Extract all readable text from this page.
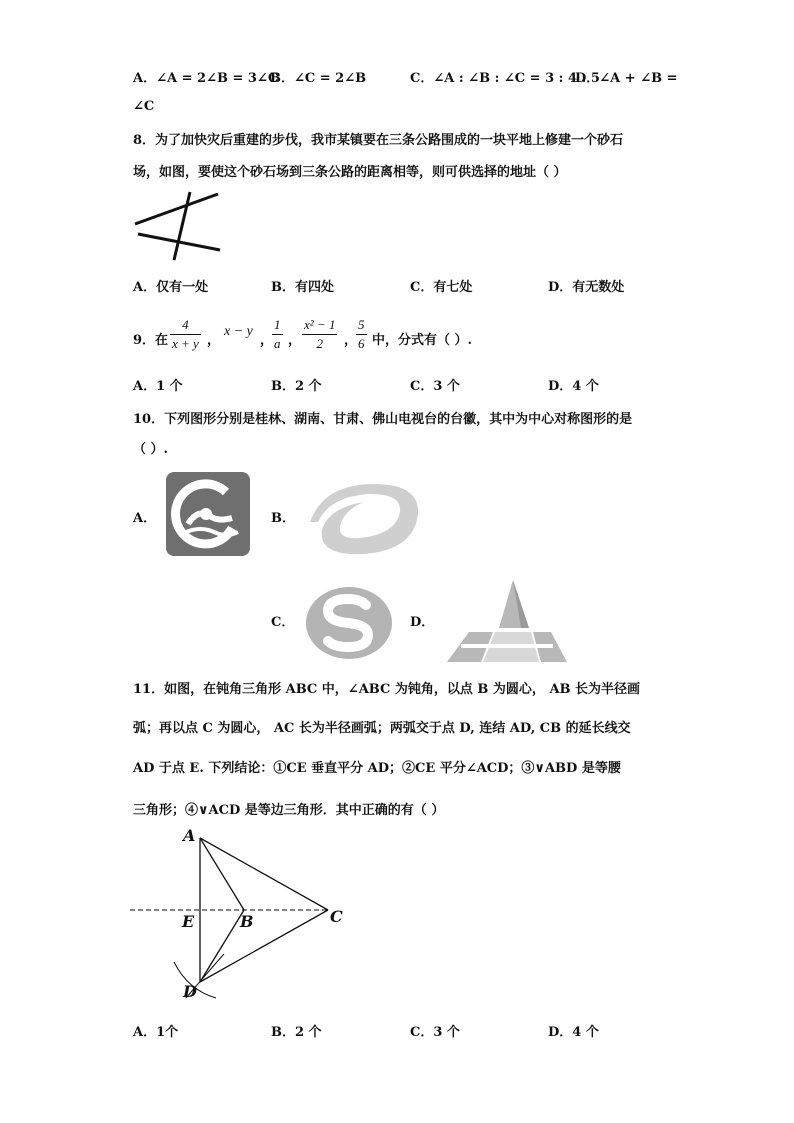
A．∠A = 2∠B = 3∠C
B．∠C = 2∠B	C．∠A : ∠B : ∠C = 3 : 4 : 5
D．∠A + ∠B =
∠C
8．为了加快灾后重建的步伐，我市某镇要在三条公路围成的一块平地上修建一个砂石
场，如图，要使这个砂石场到三条公路的距离相等，则可供选择的地址（ ）
A．仅有一处	B．有四处	C．有七处	D．有无数处
9．在
4
x + y ，
x − y
，
1
a ，
x² − 1
2	，
5
6 中，分式有（ ）.
A．1 个	B．2 个	C．3 个	D．4 个
10．下列图形分别是桂林、湖南、甘肃、佛山电视台的台徽，其中为中心对称图形的是
（ ）.
A．	B．
C．	D．
11．如图，在钝角三角形 ABC 中，∠ABC 为钝角，以点 B 为圆心， AB 长为半径画
弧；再以点 C 为圆心， AC 长为半径画弧；两弧交于点 D, 连结 AD, CB 的延长线交
AD 于点 E. 下列结论：①CE 垂直平分 AD；②CE 平分∠ACD；③∨ABD 是等腰
三角形；④∨ACD 是等边三角形．其中正确的有（ ）
A
B	C
D
E
A．1个	B．2 个	C．3 个	D．4 个
